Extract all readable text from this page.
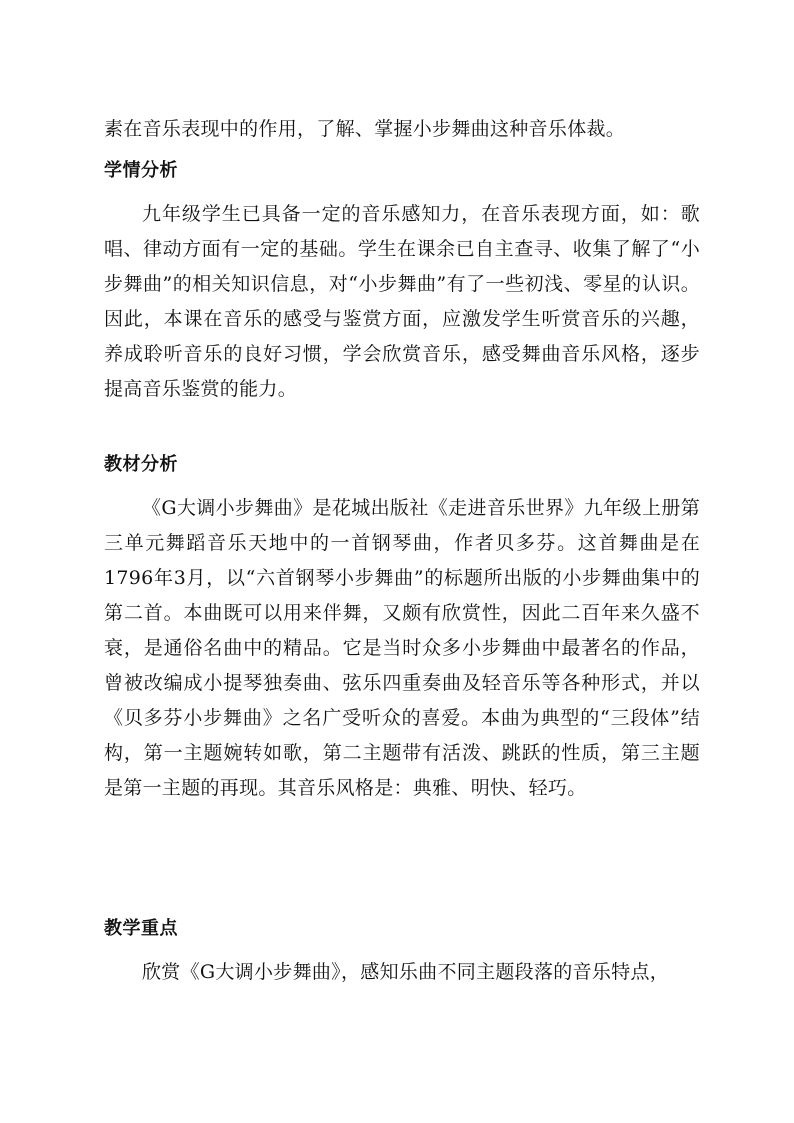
素在音乐表现中的作用，了解、掌握小步舞曲这种音乐体裁。

学情分析

九年级学生已具备一定的音乐感知力，在音乐表现方面，如：歌唱、律动方面有一定的基础。学生在课余已自主查寻、收集了解了“小步舞曲”的相关知识信息，对“小步舞曲”有了一些初浅、零星的认识。 因此，本课在音乐的感受与鉴赏方面，应激发学生听赏音乐的兴趣，养成聆听音乐的良好习惯，学会欣赏音乐，感受舞曲音乐风格，逐步提高音乐鉴赏的能力。

教材分析

《G大调小步舞曲》是花城出版社《走进音乐世界》九年级上册第三单元舞蹈音乐天地中的一首钢琴曲，作者贝多芬。这首舞曲是在1796年3月，以“六首钢琴小步舞曲”的标题所出版的小步舞曲集中的第二首。本曲既可以用来伴舞，又颇有欣赏性，因此二百年来久盛不衰，是通俗名曲中的精品。它是当时众多小步舞曲中最著名的作品，曾被改编成小提琴独奏曲、弦乐四重奏曲及轻音乐等各种形式，并以《贝多芬小步舞曲》之名广受听众的喜爱。本曲为典型的“三段体”结构，第一主题婉转如歌，第二主题带有活泼、跳跃的性质，第三主题是第一主题的再现。其音乐风格是：典雅、明快、轻巧。

教学重点

欣赏《G大调小步舞曲》，感知乐曲不同主题段落的音乐特点，
